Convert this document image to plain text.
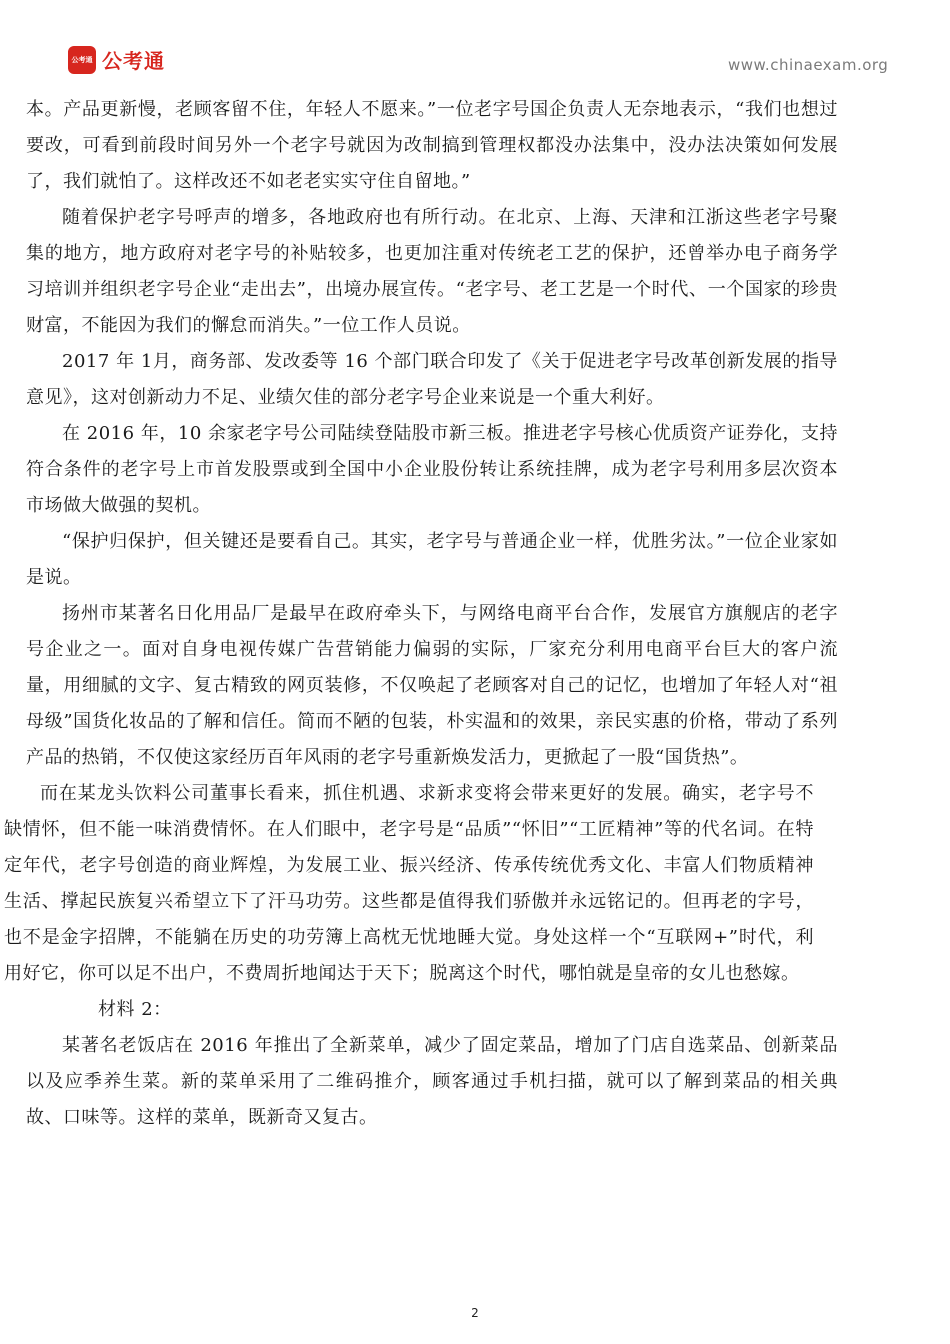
公考通 公考通	www.chinaexam.org

本。产品更新慢，老顾客留不住，年轻人不愿来。”一位老字号国企负责人无奈地表示，“我们也想过要改，可看到前段时间另外一个老字号就因为改制搞到管理权都没办法集中，没办法决策如何发展了，我们就怕了。这样改还不如老老实实守住自留地。”

随着保护老字号呼声的增多，各地政府也有所行动。在北京、上海、天津和江浙这些老字号聚集的地方，地方政府对老字号的补贴较多，也更加注重对传统老工艺的保护，还曾举办电子商务学习培训并组织老字号企业“走出去”，出境办展宣传。“老字号、老工艺是一个时代、一个国家的珍贵财富，不能因为我们的懈怠而消失。”一位工作人员说。

2017 年 1月，商务部、发改委等 16 个部门联合印发了《关于促进老字号改革创新发展的指导意见》，这对创新动力不足、业绩欠佳的部分老字号企业来说是一个重大利好。

在 2016 年，10 余家老字号公司陆续登陆股市新三板。推进老字号核心优质资产证券化，支持符合条件的老字号上市首发股票或到全国中小企业股份转让系统挂牌，成为老字号利用多层次资本市场做大做强的契机。

“保护归保护，但关键还是要看自己。其实，老字号与普通企业一样，优胜劣汰。”一位企业家如是说。

扬州市某著名日化用品厂是最早在政府牵头下，与网络电商平台合作，发展官方旗舰店的老字号企业之一。面对自身电视传媒广告营销能力偏弱的实际，厂家充分利用电商平台巨大的客户流量，用细腻的文字、复古精致的网页装修，不仅唤起了老顾客对自己的记忆，也增加了年轻人对“祖母级”国货化妆品的了解和信任。简而不陋的包装，朴实温和的效果，亲民实惠的价格，带动了系列产品的热销，不仅使这家经历百年风雨的老字号重新焕发活力，更掀起了一股“国货热”。

而在某龙头饮料公司董事长看来，抓住机遇、求新求变将会带来更好的发展。确实，老字号不缺情怀，但不能一味消费情怀。在人们眼中，老字号是“品质”“怀旧”“工匠精神”等的代名词。在特定年代，老字号创造的商业辉煌，为发展工业、振兴经济、传承传统优秀文化、丰富人们物质精神生活、撑起民族复兴希望立下了汗马功劳。这些都是值得我们骄傲并永远铭记的。但再老的字号，也不是金字招牌，不能躺在历史的功劳簿上高枕无忧地睡大觉。身处这样一个“互联网+”时代，利用好它，你可以足不出户，不费周折地闻达于天下；脱离这个时代，哪怕就是皇帝的女儿也愁嫁。

材料 2：

某著名老饭店在 2016 年推出了全新菜单，减少了固定菜品，增加了门店自选菜品、创新菜品以及应季养生菜。新的菜单采用了二维码推介，顾客通过手机扫描，就可以了解到菜品的相关典故、口味等。这样的菜单，既新奇又复古。

2
